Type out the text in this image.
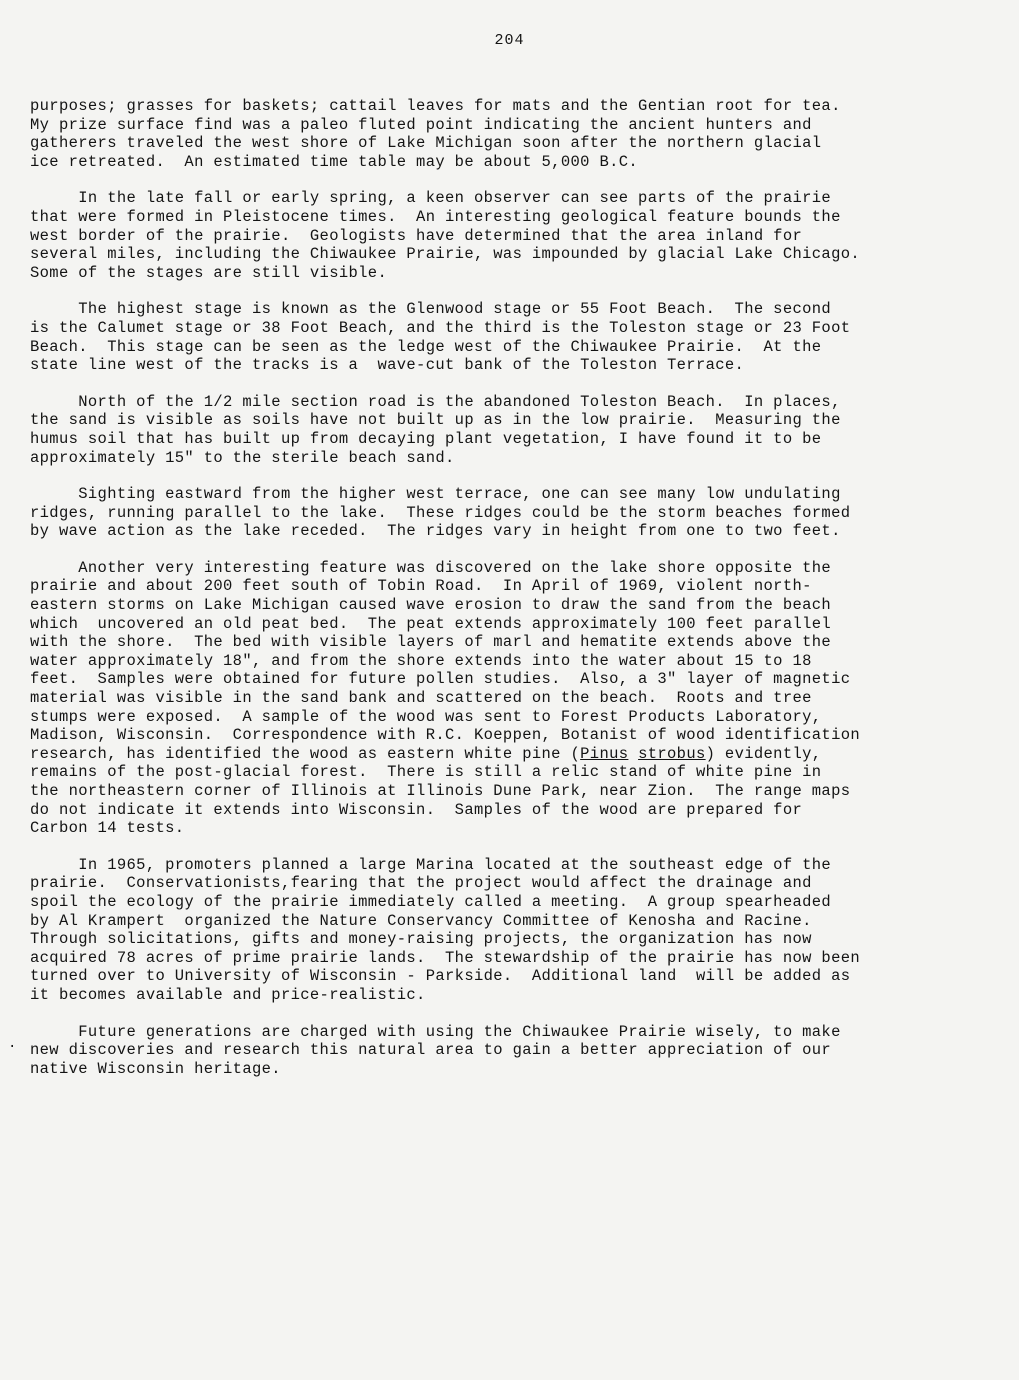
204
.
purposes; grasses for baskets; cattail leaves for mats and the Gentian root for tea.
My prize surface find was a paleo fluted point indicating the ancient hunters and
gatherers traveled the west shore of Lake Michigan soon after the northern glacial
ice retreated.  An estimated time table may be about 5,000 B.C.
In the late fall or early spring, a keen observer can see parts of the prairie
that were formed in Pleistocene times.  An interesting geological feature bounds the
west border of the prairie.  Geologists have determined that the area inland for
several miles, including the Chiwaukee Prairie, was impounded by glacial Lake Chicago.
Some of the stages are still visible.
The highest stage is known as the Glenwood stage or 55 Foot Beach.  The second
is the Calumet stage or 38 Foot Beach, and the third is the Toleston stage or 23 Foot
Beach.  This stage can be seen as the ledge west of the Chiwaukee Prairie.  At the
state line west of the tracks is a  wave-cut bank of the Toleston Terrace.
North of the 1/2 mile section road is the abandoned Toleston Beach.  In places,
the sand is visible as soils have not built up as in the low prairie.  Measuring the
humus soil that has built up from decaying plant vegetation, I have found it to be
approximately 15" to the sterile beach sand.
Sighting eastward from the higher west terrace, one can see many low undulating
ridges, running parallel to the lake.  These ridges could be the storm beaches formed
by wave action as the lake receded.  The ridges vary in height from one to two feet.
Another very interesting feature was discovered on the lake shore opposite the
prairie and about 200 feet south of Tobin Road.  In April of 1969, violent north-
eastern storms on Lake Michigan caused wave erosion to draw the sand from the beach
which  uncovered an old peat bed.  The peat extends approximately 100 feet parallel
with the shore.  The bed with visible layers of marl and hematite extends above the
water approximately 18", and from the shore extends into the water about 15 to 18
feet.  Samples were obtained for future pollen studies.  Also, a 3" layer of magnetic
material was visible in the sand bank and scattered on the beach.  Roots and tree
stumps were exposed.  A sample of the wood was sent to Forest Products Laboratory,
Madison, Wisconsin.  Correspondence with R.C. Koeppen, Botanist of wood identification
research, has identified the wood as eastern white pine (Pinus strobus) evidently,
remains of the post-glacial forest.  There is still a relic stand of white pine in
the northeastern corner of Illinois at Illinois Dune Park, near Zion.  The range maps
do not indicate it extends into Wisconsin.  Samples of the wood are prepared for
Carbon 14 tests.
In 1965, promoters planned a large Marina located at the southeast edge of the
prairie.  Conservationists,fearing that the project would affect the drainage and
spoil the ecology of the prairie immediately called a meeting.  A group spearheaded
by Al Krampert  organized the Nature Conservancy Committee of Kenosha and Racine.
Through solicitations, gifts and money-raising projects, the organization has now
acquired 78 acres of prime prairie lands.  The stewardship of the prairie has now been
turned over to University of Wisconsin - Parkside.  Additional land  will be added as
it becomes available and price-realistic.
Future generations are charged with using the Chiwaukee Prairie wisely, to make
new discoveries and research this natural area to gain a better appreciation of our
native Wisconsin heritage.
